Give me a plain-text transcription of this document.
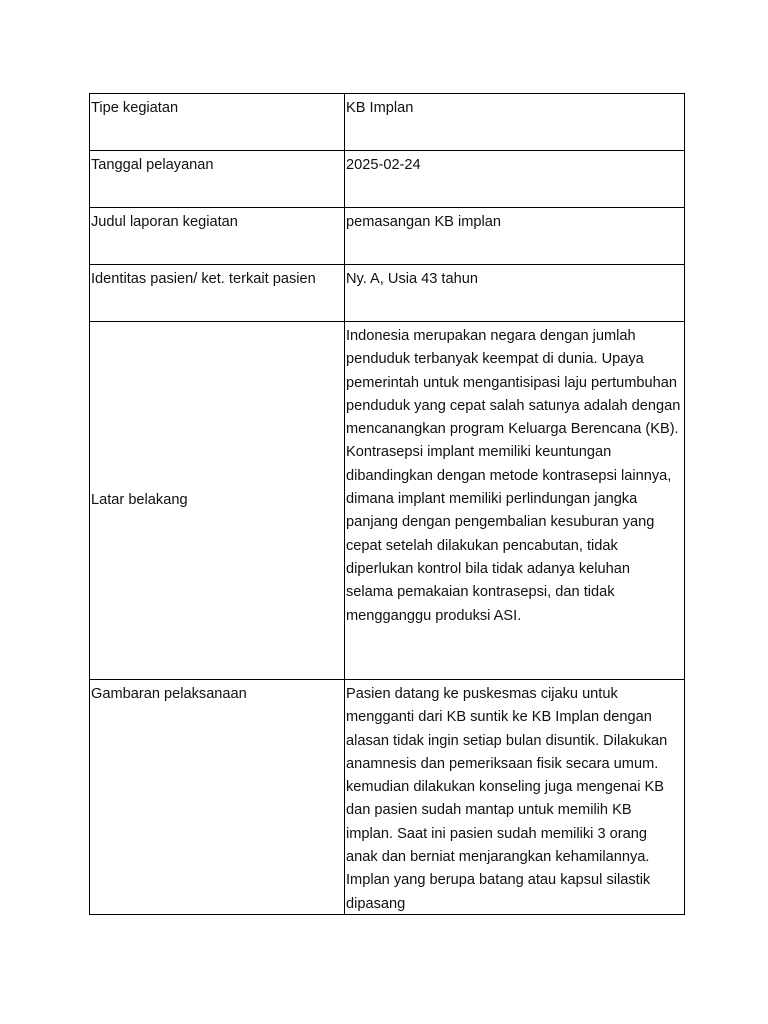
Tipe kegiatan	KB Implan

Tanggal pelayanan	2025-02-24

Judul laporan kegiatan	pemasangan KB implan

Identitas pasien/ ket. terkait pasien	Ny. A, Usia 43 tahun

Latar belakang	Indonesia merupakan negara dengan jumlah penduduk terbanyak keempat di dunia. Upaya pemerintah untuk mengantisipasi laju pertumbuhan penduduk yang cepat salah satunya adalah dengan mencanangkan program Keluarga Berencana (KB). Kontrasepsi implant memiliki keuntungan dibandingkan dengan metode kontrasepsi lainnya, dimana implant memiliki perlindungan jangka panjang dengan pengembalian kesuburan yang cepat setelah dilakukan pencabutan, tidak diperlukan kontrol bila tidak adanya keluhan selama pemakaian kontrasepsi, dan tidak mengganggu produksi ASI.

Gambaran pelaksanaan	Pasien datang ke puskesmas cijaku untuk mengganti dari KB suntik ke KB Implan dengan alasan tidak ingin setiap bulan disuntik. Dilakukan anamnesis dan pemeriksaan fisik secara umum. kemudian dilakukan konseling juga mengenai KB dan pasien sudah mantap untuk memilih KB implan. Saat ini pasien sudah memiliki 3 orang anak dan berniat menjarangkan kehamilannya. Implan yang berupa batang atau kapsul silastik dipasang
